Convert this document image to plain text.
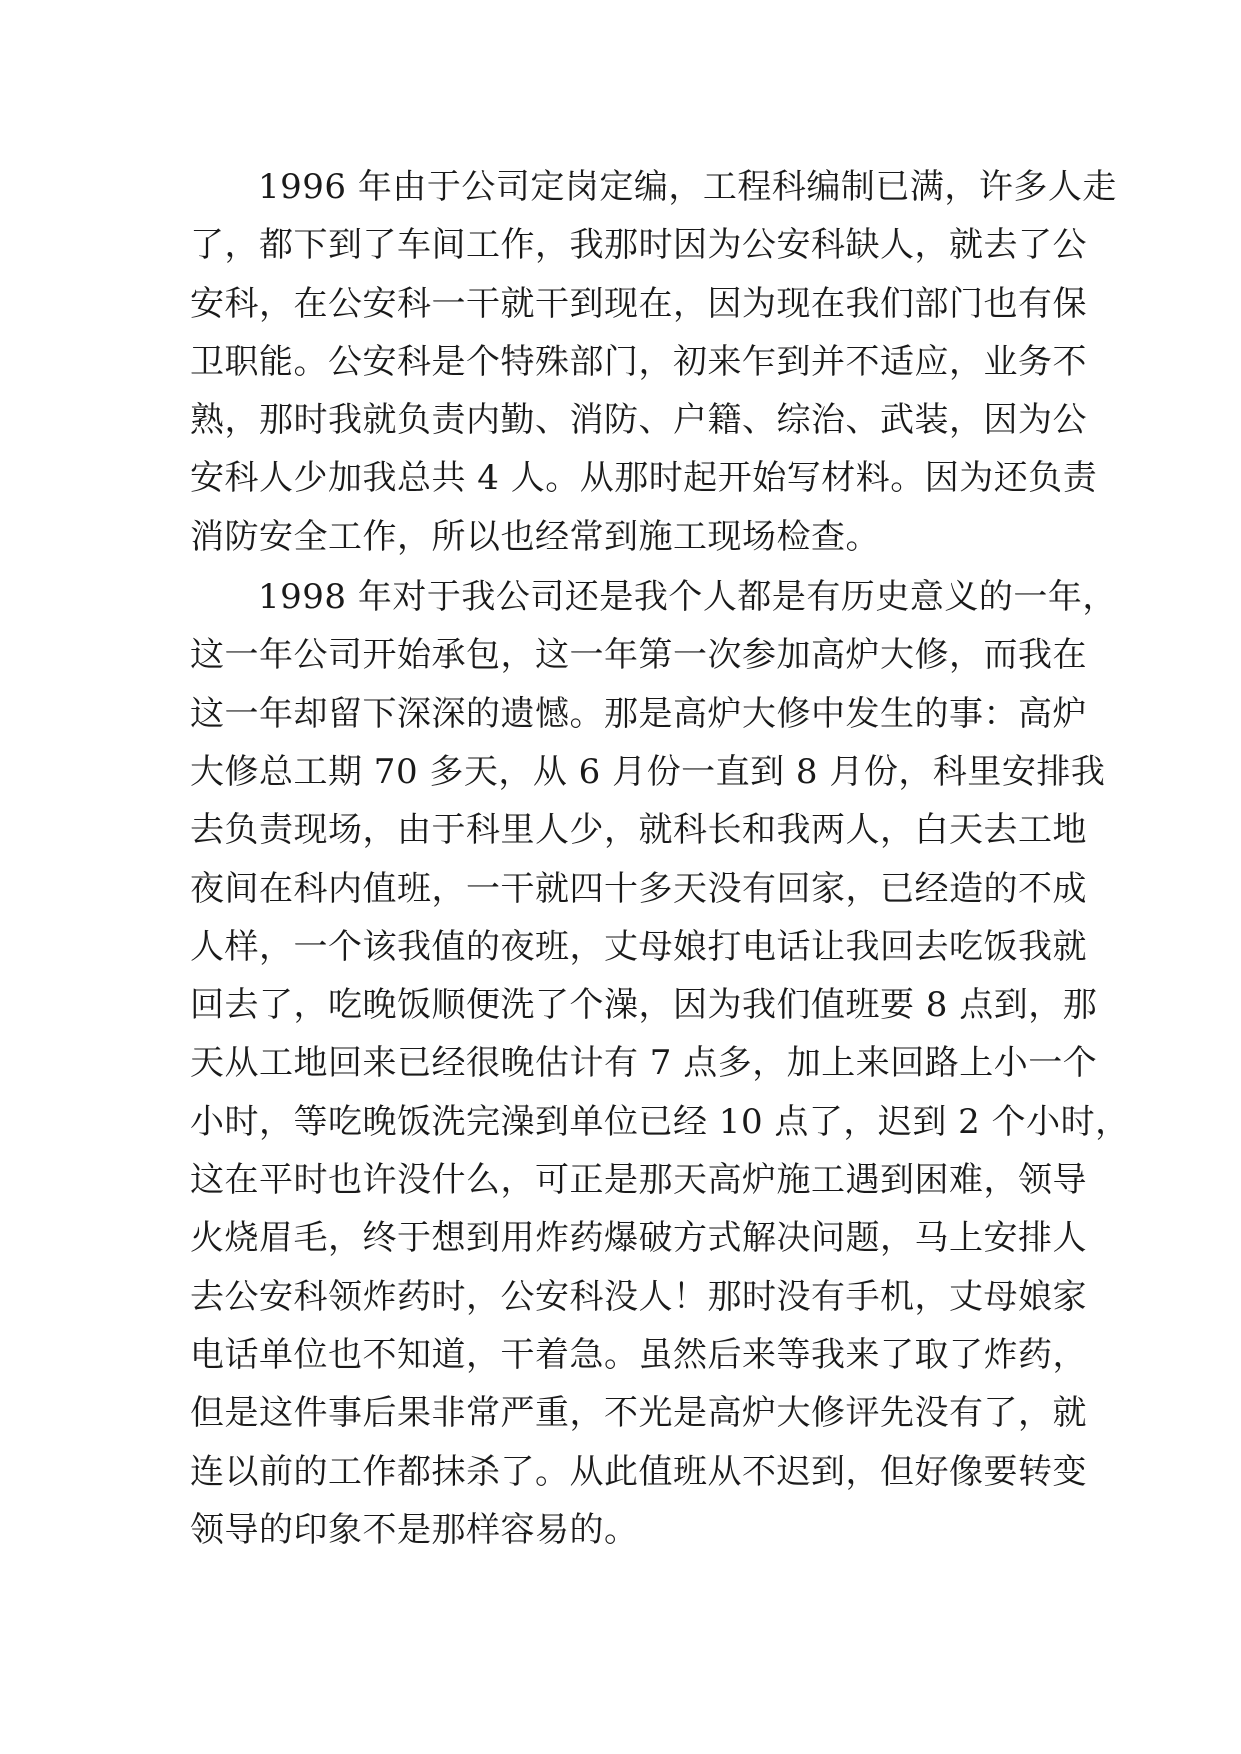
1996 年由于公司定岗定编，工程科编制已满，许多人走
了，都下到了车间工作，我那时因为公安科缺人，就去了公
安科，在公安科一干就干到现在，因为现在我们部门也有保
卫职能。公安科是个特殊部门，初来乍到并不适应，业务不
熟，那时我就负责内勤、消防、户籍、综治、武装，因为公
安科人少加我总共 4 人。从那时起开始写材料。因为还负责
消防安全工作，所以也经常到施工现场检查。
1998 年对于我公司还是我个人都是有历史意义的一年，
这一年公司开始承包，这一年第一次参加高炉大修，而我在
这一年却留下深深的遗憾。那是高炉大修中发生的事：高炉
大修总工期 70 多天，从 6 月份一直到 8 月份，科里安排我
去负责现场，由于科里人少，就科长和我两人，白天去工地
夜间在科内值班，一干就四十多天没有回家，已经造的不成
人样，一个该我值的夜班，丈母娘打电话让我回去吃饭我就
回去了，吃晚饭顺便洗了个澡，因为我们值班要 8 点到，那
天从工地回来已经很晚估计有 7 点多，加上来回路上小一个
小时，等吃晚饭洗完澡到单位已经 10 点了，迟到 2 个小时，
这在平时也许没什么，可正是那天高炉施工遇到困难，领导
火烧眉毛，终于想到用炸药爆破方式解决问题，马上安排人
去公安科领炸药时，公安科没人！那时没有手机，丈母娘家
电话单位也不知道，干着急。虽然后来等我来了取了炸药，
但是这件事后果非常严重，不光是高炉大修评先没有了，就
连以前的工作都抹杀了。从此值班从不迟到，但好像要转变
领导的印象不是那样容易的。
